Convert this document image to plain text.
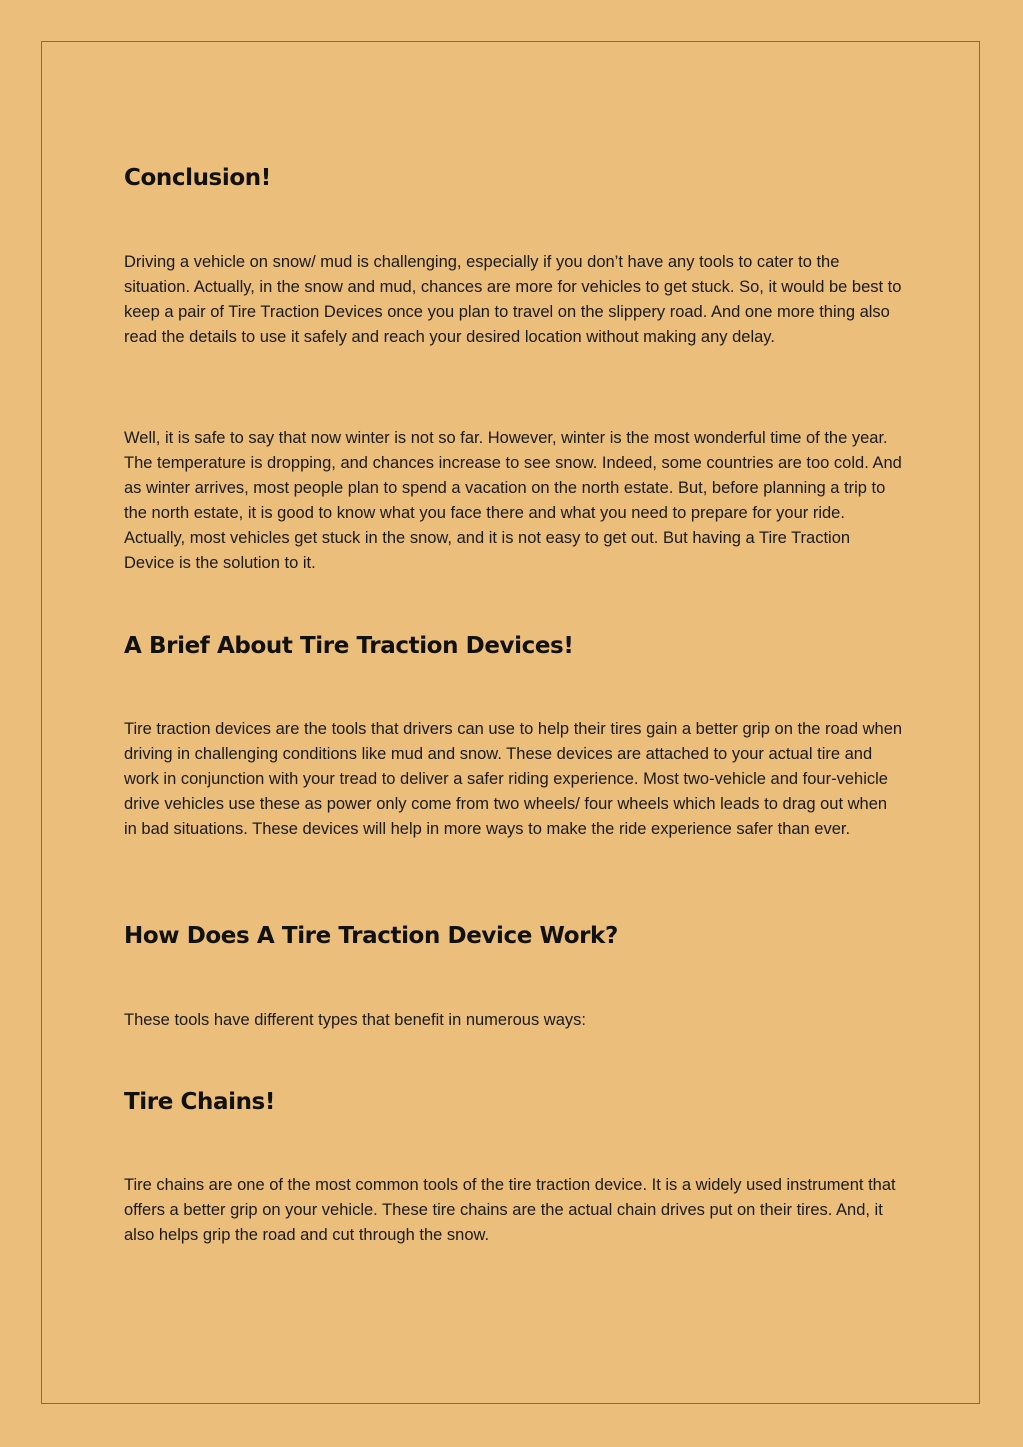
Conclusion!

Driving a vehicle on snow/ mud is challenging, especially if you don’t have any tools to cater to the situation. Actually, in the snow and mud, chances are more for vehicles to get stuck. So, it would be best to keep a pair of Tire Traction Devices once you plan to travel on the slippery road. And one more thing also read the details to use it safely and reach your desired location without making any delay.

Well, it is safe to say that now winter is not so far. However, winter is the most wonderful time of the year. The temperature is dropping, and chances increase to see snow. Indeed, some countries are too cold. And as winter arrives, most people plan to spend a vacation on the north estate. But, before planning a trip to the north estate, it is good to know what you face there and what you need to prepare for your ride. Actually, most vehicles get stuck in the snow, and it is not easy to get out. But having a Tire Traction Device is the solution to it.

A Brief About Tire Traction Devices!

Tire traction devices are the tools that drivers can use to help their tires gain a better grip on the road when driving in challenging conditions like mud and snow. These devices are attached to your actual tire and work in conjunction with your tread to deliver a safer riding experience. Most two-vehicle and four-vehicle drive vehicles use these as power only come from two wheels/ four wheels which leads to drag out when in bad situations. These devices will help in more ways to make the ride experience safer than ever.

How Does A Tire Traction Device Work?

These tools have different types that benefit in numerous ways:

Tire Chains!

Tire chains are one of the most common tools of the tire traction device. It is a widely used instrument that offers a better grip on your vehicle. These tire chains are the actual chain drives put on their tires. And, it also helps grip the road and cut through the snow.
